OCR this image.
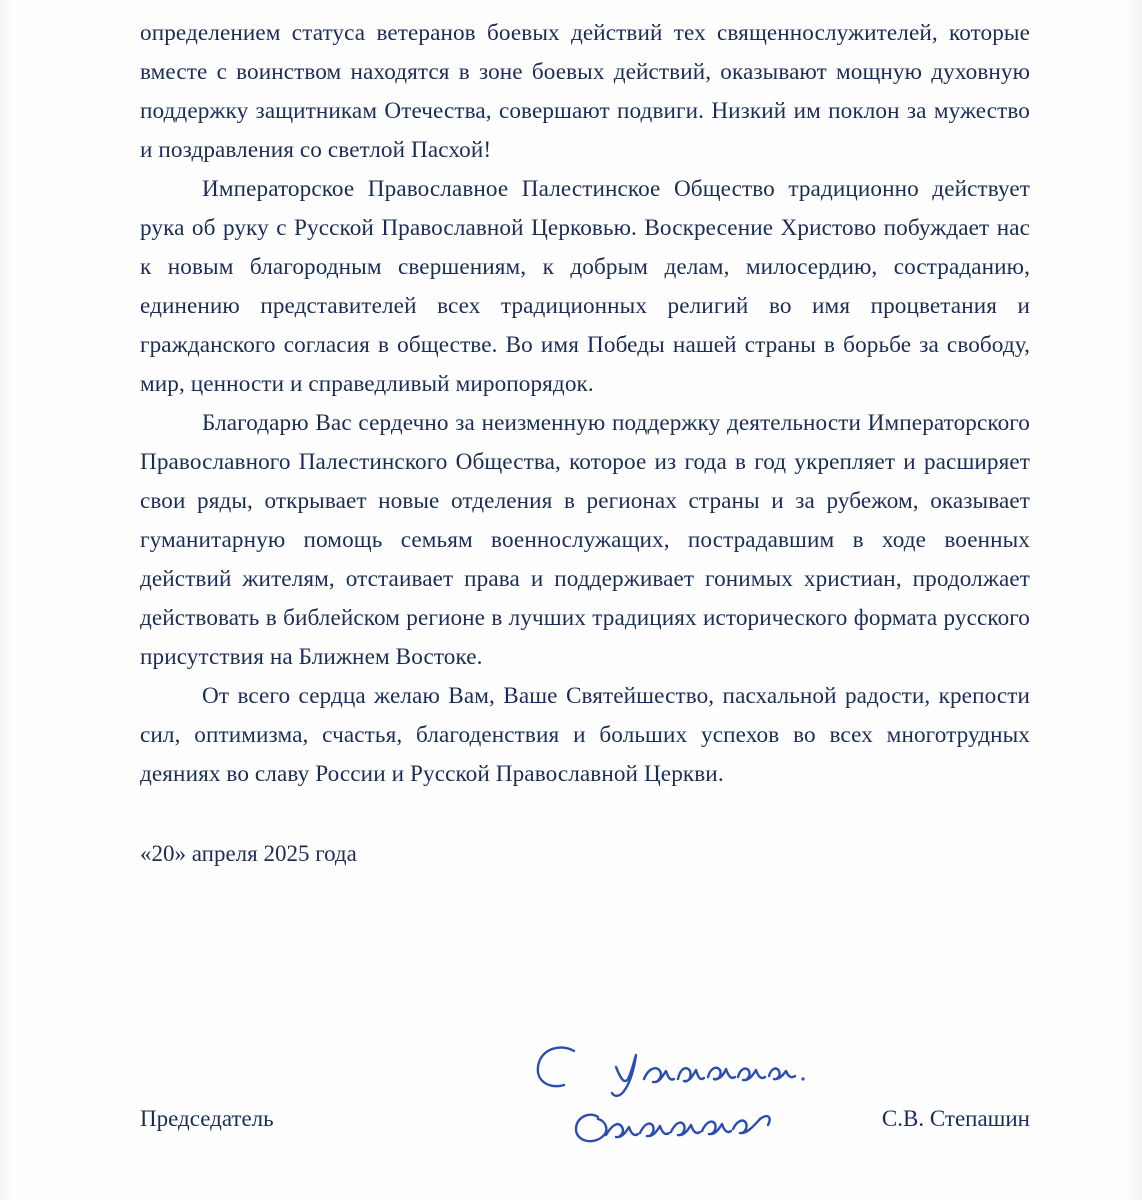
определением статуса ветеранов боевых действий тех священнослужителей, которые вместе с воинством находятся в зоне боевых действий, оказывают мощную духовную поддержку защитникам Отечества, совершают подвиги. Низкий им поклон за мужество и поздравления со светлой Пасхой!

Императорское Православное Палестинское Общество традиционно действует рука об руку с Русской Православной Церковью. Воскресение Христово побуждает нас к новым благородным свершениям, к добрым делам, милосердию, состраданию, единению представителей всех традиционных религий во имя процветания и гражданского согласия в обществе. Во имя Победы нашей страны в борьбе за свободу, мир, ценности и справедливый миропорядок.

Благодарю Вас сердечно за неизменную поддержку деятельности Императорского Православного Палестинского Общества, которое из года в год укрепляет и расширяет свои ряды, открывает новые отделения в регионах страны и за рубежом, оказывает гуманитарную помощь семьям военнослужащих, пострадавшим в ходе военных действий жителям, отстаивает права и поддерживает гонимых христиан, продолжает действовать в библейском регионе в лучших традициях исторического формата русского присутствия на Ближнем Востоке.

От всего сердца желаю Вам, Ваше Святейшество, пасхальной радости, крепости сил, оптимизма, счастья, благоденствия и больших успехов во всех многотрудных деяниях во славу России и Русской Православной Церкви.

«20» апреля 2025 года
Председатель	С.В. Степашин
